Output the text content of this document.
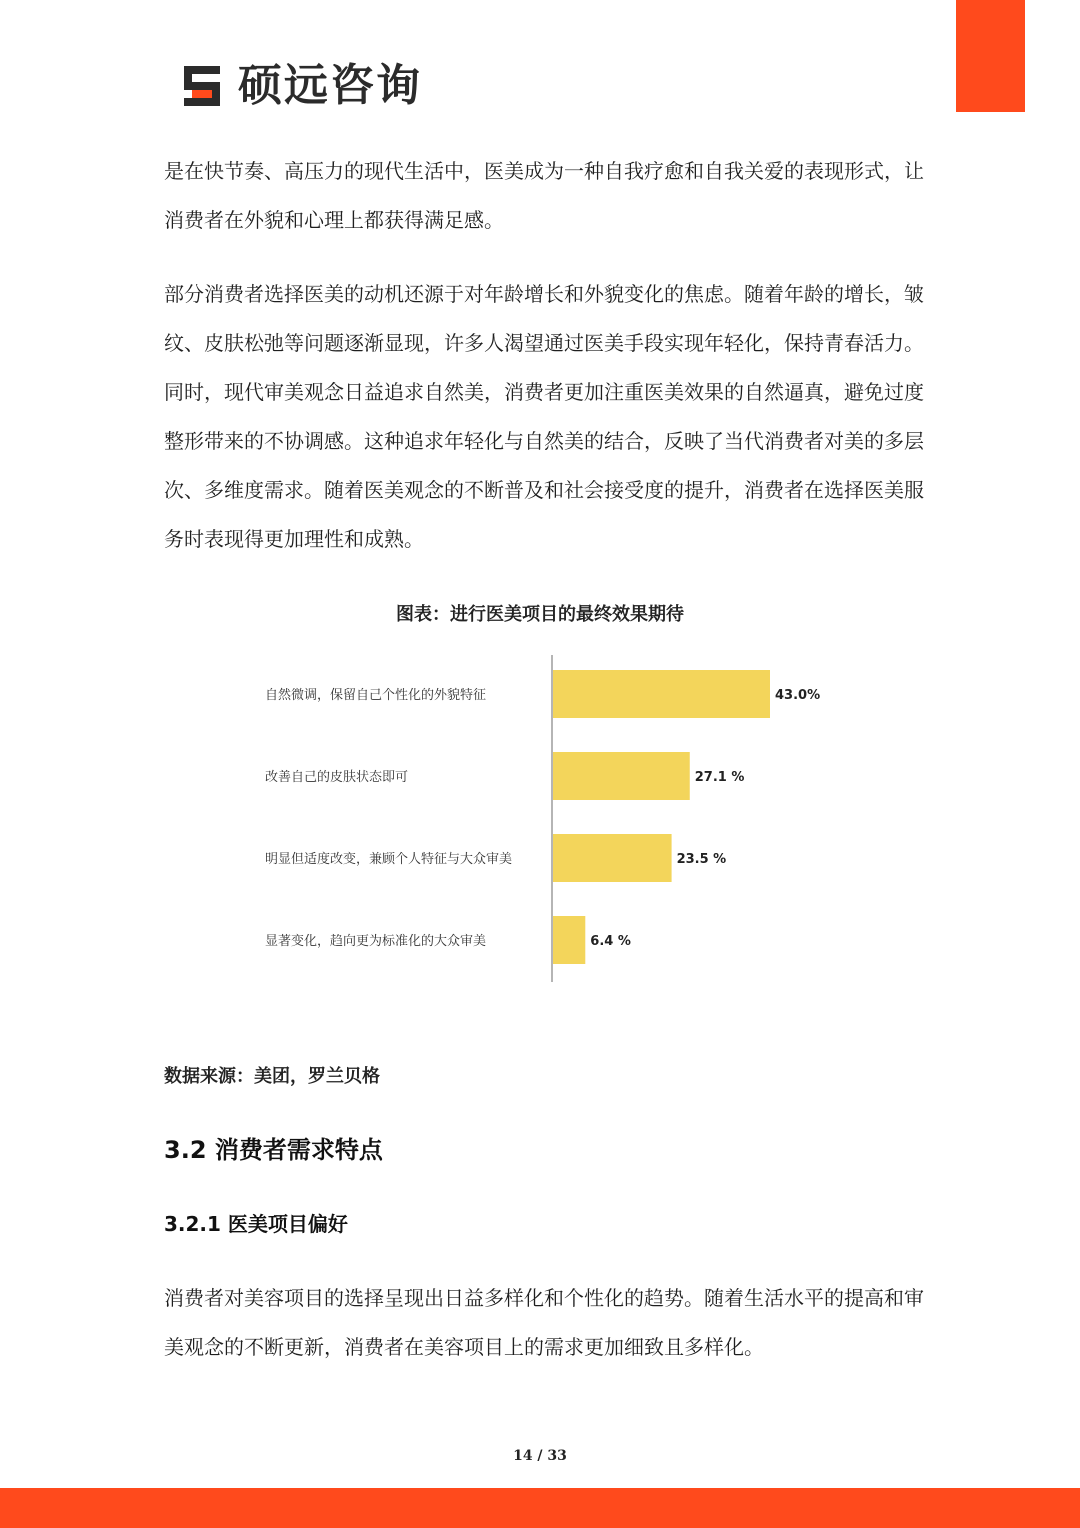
硕远咨询

是在快节奏、高压力的现代生活中，医美成为一种自我疗愈和自我关爱的表现形式，让消费者在外貌和心理上都获得满足感。

部分消费者选择医美的动机还源于对年龄增长和外貌变化的焦虑。随着年龄的增长，皱纹、皮肤松弛等问题逐渐显现，许多人渴望通过医美手段实现年轻化，保持青春活力。同时，现代审美观念日益追求自然美，消费者更加注重医美效果的自然逼真，避免过度整形带来的不协调感。这种追求年轻化与自然美的结合，反映了当代消费者对美的多层次、多维度需求。随着医美观念的不断普及和社会接受度的提升，消费者在选择医美服务时表现得更加理性和成熟。

图表：进行医美项目的最终效果期待
自然微调，保留自己个性化的外貌特征	43.0%
改善自己的皮肤状态即可	27.1 %
明显但适度改变，兼顾个人特征与大众审美	23.5 %
显著变化，趋向更为标准化的大众审美	6.4 %
数据来源：美团，罗兰贝格
3.2 消费者需求特点
3.2.1 医美项目偏好

消费者对美容项目的选择呈现出日益多样化和个性化的趋势。随着生活水平的提高和审美观念的不断更新，消费者在美容项目上的需求更加细致且多样化。

14 / 33
